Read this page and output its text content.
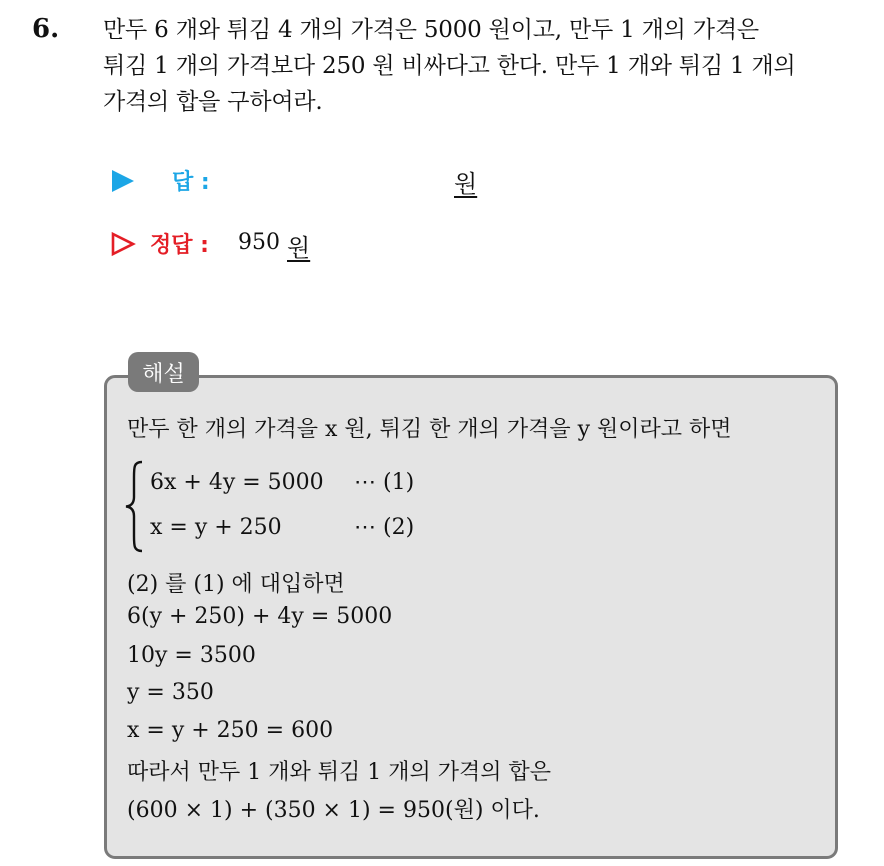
6. 만두 6 개와 튀김 4 개의 가격은 5000 원이고, 만두 1 개의 가격은
튀김 1 개의 가격보다 250 원 비싸다고 한다. 만두 1 개와 튀김 1 개의
가격의 합을 구하여라.
답 :	원
정답 : 950 원
해설
만두 한 개의 가격을 x 원, 튀김 한 개의 가격을 y 원이라고 하면
6x + 4y = 5000 ⋯ (1)
x = y + 250	⋯ (2)
(2) 를 (1) 에 대입하면
6(y + 250) + 4y = 5000
10y = 3500
y = 350
x = y + 250 = 600
따라서 만두 1 개와 튀김 1 개의 가격의 합은
(600 × 1) + (350 × 1) = 950(원) 이다.
